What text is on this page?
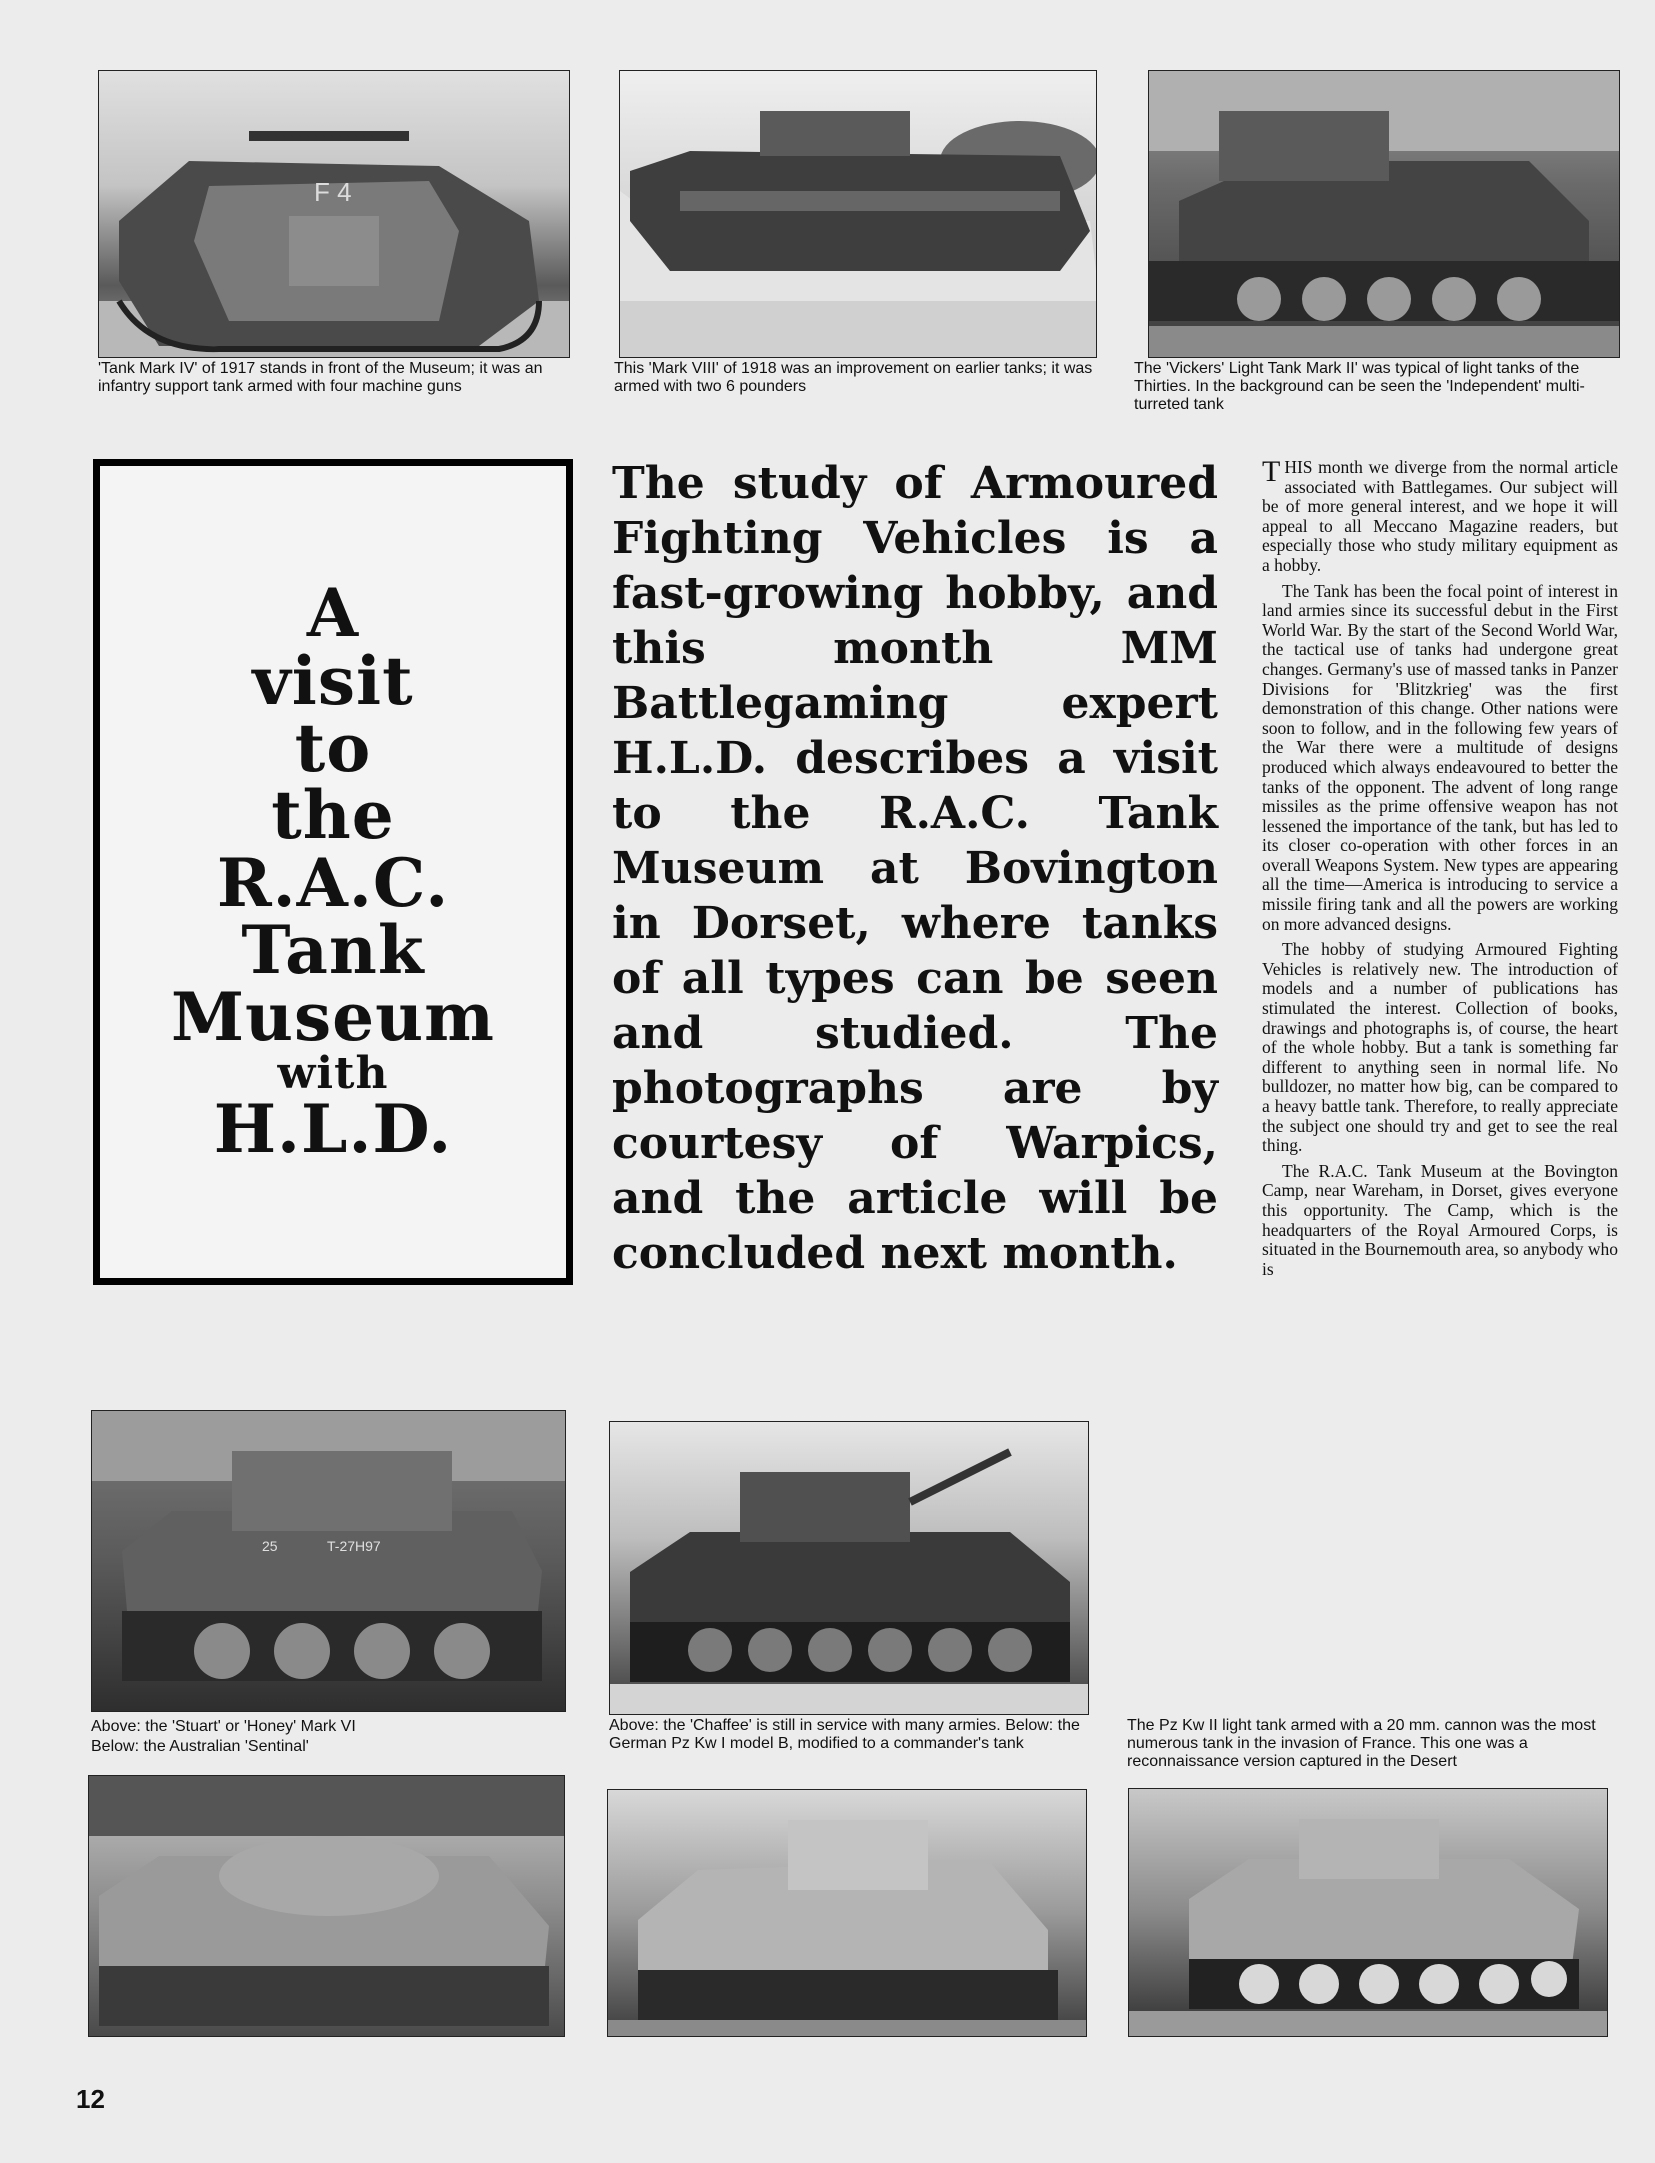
F 4

'Tank Mark IV' of 1917 stands in front of the Museum; it was an infantry support tank armed with four machine guns

This 'Mark VIII' of 1918 was an improvement on earlier tanks; it was armed with two 6 pounders

The 'Vickers' Light Tank Mark II' was typical of light tanks of the Thirties. In the background can be seen the 'Independent' multi-turreted tank

A
visit
to
the
R.A.C.
Tank
Museum
with
H.L.D.

The study of Armoured Fighting Vehicles is a fast-growing hobby, and this month MM Battlegaming expert H.L.D. describes a visit to the R.A.C. Tank Museum at Bovington in Dorset, where tanks of all types can be seen and studied. The photographs are by courtesy of Warpics, and the article will be concluded next month.

THIS month we diverge from the normal article associated with Battlegames. Our subject will be of more general interest, and we hope it will appeal to all Meccano Magazine readers, but especially those who study military equipment as a hobby.

The Tank has been the focal point of interest in land armies since its successful debut in the First World War. By the start of the Second World War, the tactical use of tanks had undergone great changes. Germany's use of massed tanks in Panzer Divisions for 'Blitzkrieg' was the first demonstration of this change. Other nations were soon to follow, and in the following few years of the War there were a multitude of designs produced which always endeavoured to better the tanks of the opponent. The advent of long range missiles as the prime offensive weapon has not lessened the importance of the tank, but has led to its closer co-operation with other forces in an overall Weapons System. New types are appearing all the time—America is introducing to service a missile firing tank and all the powers are working on more advanced designs.

The hobby of studying Armoured Fighting Vehicles is relatively new. The introduction of models and a number of publications has stimulated the interest. Collection of books, drawings and photographs is, of course, the heart of the whole hobby. But a tank is something far different to anything seen in normal life. No bulldozer, no matter how big, can be compared to a heavy battle tank. Therefore, to really appreciate the subject one should try and get to see the real thing.

The R.A.C. Tank Museum at the Bovington Camp, near Wareham, in Dorset, gives everyone this opportunity. The Camp, which is the headquarters of the Royal Armoured Corps, is situated in the Bournemouth area, so anybody who is

25	T-27H97

Above: the 'Stuart' or 'Honey' Mark VI

Below: the Australian 'Sentinal'

Above: the 'Chaffee' is still in service with many armies. Below: the German Pz Kw I model B, modified to a commander's tank

The Pz Kw II light tank armed with a 20 mm. cannon was the most numerous tank in the invasion of France. This one was a reconnaissance version captured in the Desert

12
